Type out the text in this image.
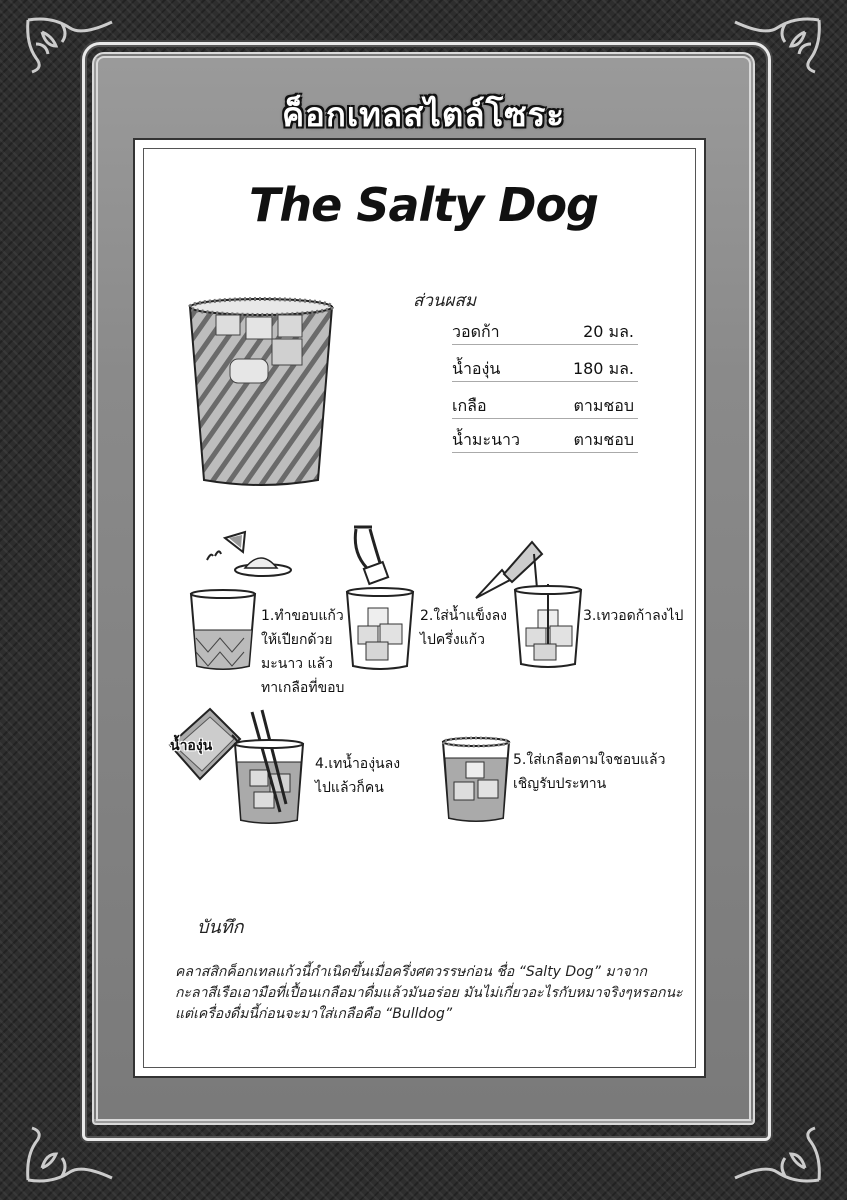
ค็อกเทลสไตล์โซระ
The Salty Dog
ส่วนผสม
วอดก้า	20 มล.
น้ำองุ่น	180 มล.
เกลือ	ตามชอบ
น้ำมะนาว	ตามชอบ
1.ทำขอบแก้ว
ให้เปียกด้วย
มะนาว แล้ว
ทาเกลือที่ขอบ
2.ใส่น้ำแข็งลง
ไปครึ่งแก้ว
3.เทวอดก้าลงไป
น้ำองุ่น
4.เทน้ำองุ่นลง
ไปแล้วก็คน
5.ใส่เกลือตามใจชอบแล้ว
เชิญรับประทาน
บันทึก
คลาสสิกค็อกเทลแก้วนี้กำเนิดขึ้นเมื่อครึ่งศตวรรษก่อน ชื่อ “Salty Dog” มาจากกะลาสีเรือเอามือที่เปื้อนเกลือมาดื่มแล้วมันอร่อย มันไม่เกี่ยวอะไรกับหมาจริงๆหรอกนะ แต่เครื่องดื่มนี้ก่อนจะมาใส่เกลือคือ “Bulldog”
